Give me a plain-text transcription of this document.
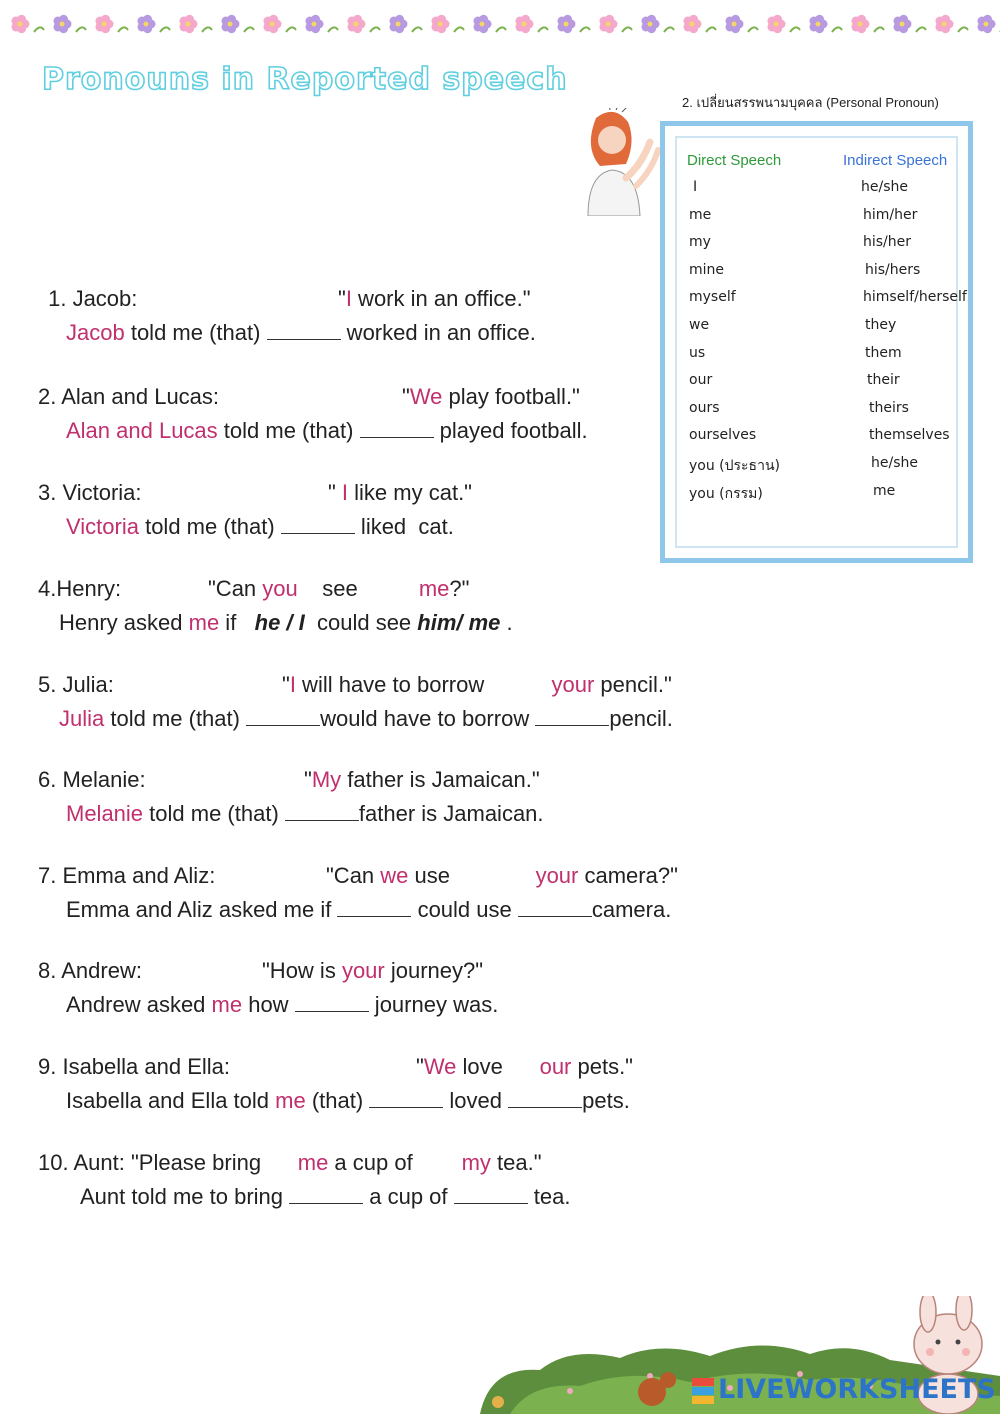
Pronouns in Reported speech
2. เปลี่ยนสรรพนามบุคคล (Personal Pronoun)
Direct Speech	Indirect Speech
I	he/she
me	him/her
my	his/her
mine	his/hers
myself	himself/herself
we	they
us	them
our	their
ours	theirs
ourselves	themselves
you (ประธาน)	he/she
you (กรรม)	me
1. Jacob:	"I work in an office."
Jacob told me (that)	worked in an office.
2. Alan and Lucas:	"We play football."
Alan and Lucas told me (that)	played football.
3. Victoria:	" I like my cat."
Victoria told me (that)	liked  cat.
4.Henry:	"Can you    see          me?"
Henry asked me if   he / I  could see him/ me .
5. Julia:	"I will have to borrow           your pencil."
Julia told me (that)	would have to borrow	pencil.
6. Melanie:	"My father is Jamaican."
Melanie told me (that)	father is Jamaican.
7. Emma and Aliz:	"Can we use              your camera?"
Emma and Aliz asked me if	could use	camera.
8. Andrew:	"How is your journey?"
Andrew asked me how	journey was.
9. Isabella and Ella:	"We love      our pets."
Isabella and Ella told me (that)	loved	pets.
10. Aunt: "Please bring      me a cup of        my tea."
Aunt told me to bring	a cup of	tea.
LIVEWORKSHEETS
